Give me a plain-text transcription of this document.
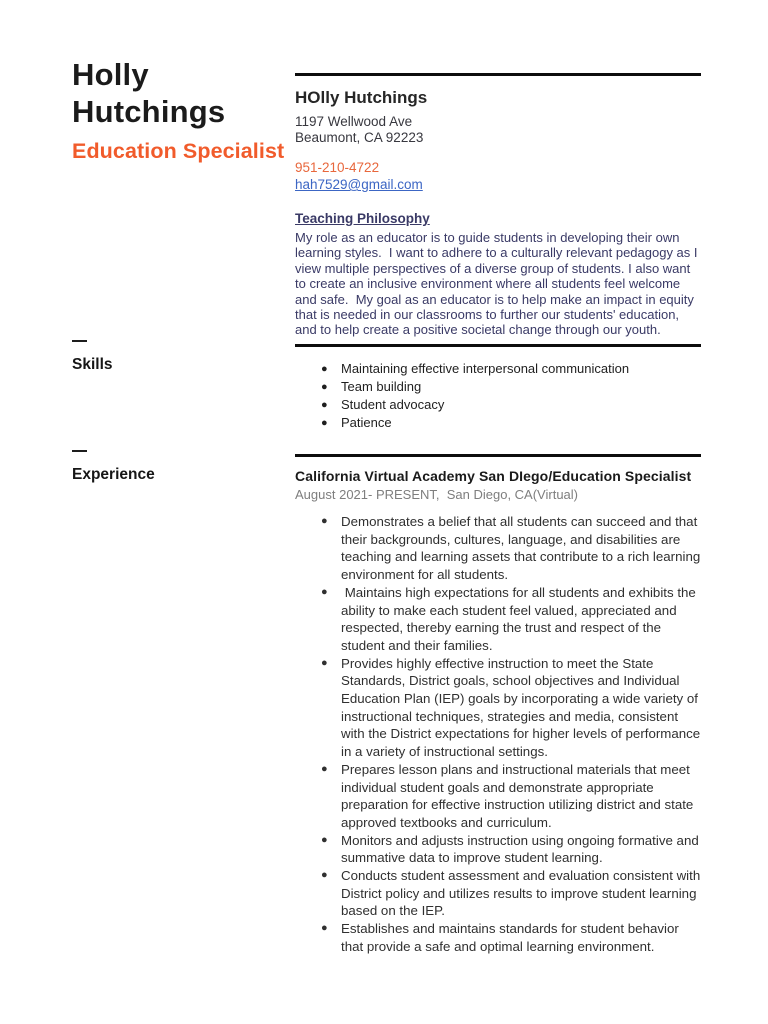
Holly Hutchings
Education Specialist
HOlly Hutchings
1197 Wellwood Ave
Beaumont, CA 92223
951-210-4722
hah7529@gmail.com
Teaching Philosophy
My role as an educator is to guide students in developing their own learning styles.  I want to adhere to a culturally relevant pedagogy as I view multiple perspectives of a diverse group of students. I also want to create an inclusive environment where all students feel welcome and safe.  My goal as an educator is to help make an impact in equity that is needed in our classrooms to further our students' education, and to help create a positive societal change through our youth.
Skills	●	Maintaining effective interpersonal communication
●	Team building
●	Student advocacy
●	Patience
Experience	California Virtual Academy San DIego/Education Specialist
August 2021- PRESENT,  San Diego, CA(Virtual)
●	Demonstrates a belief that all students can succeed and that their backgrounds, cultures, language, and disabilities are teaching and learning assets that contribute to a rich learning environment for all students.
●	Maintains high expectations for all students and exhibits the ability to make each student feel valued, appreciated and respected, thereby earning the trust and respect of the student and their families.
●	Provides highly effective instruction to meet the State Standards, District goals, school objectives and Individual Education Plan (IEP) goals by incorporating a wide variety of instructional techniques, strategies and media, consistent with the District expectations for higher levels of performance in a variety of instructional settings.
●	Prepares lesson plans and instructional materials that meet individual student goals and demonstrate appropriate preparation for effective instruction utilizing district and state approved textbooks and curriculum.
●	Monitors and adjusts instruction using ongoing formative and summative data to improve student learning.
●	Conducts student assessment and evaluation consistent with District policy and utilizes results to improve student learning based on the IEP.
●	Establishes and maintains standards for student behavior that provide a safe and optimal learning environment.
